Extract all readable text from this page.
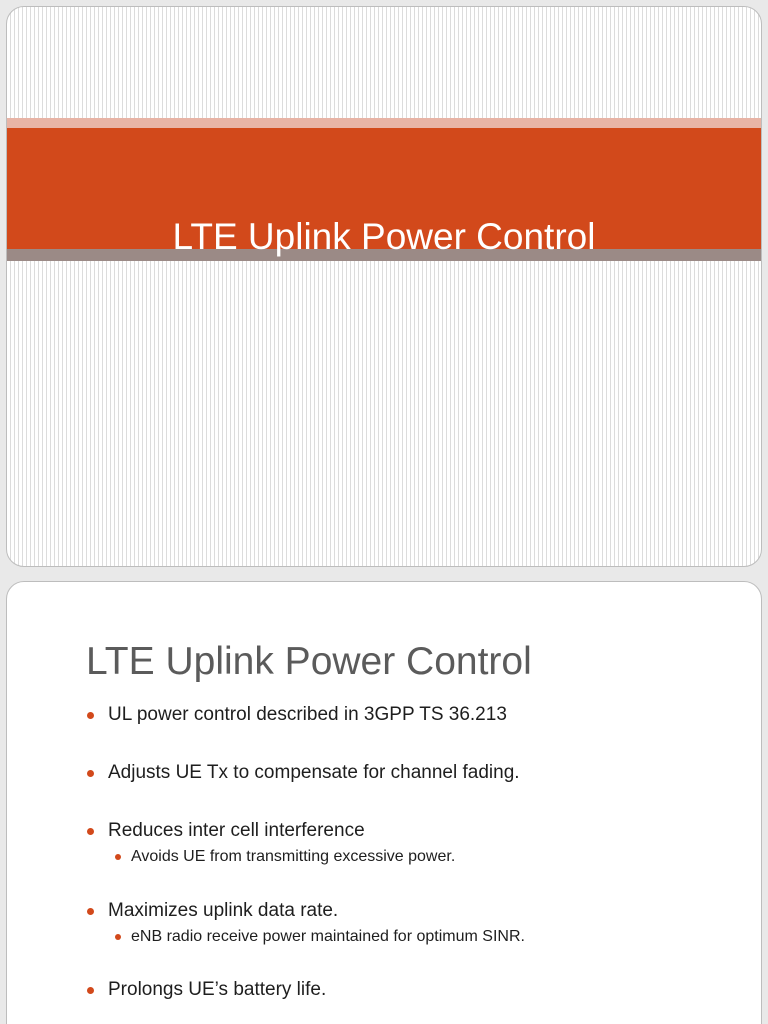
LTE Uplink Power Control
LTE Uplink Power Control
UL power control described in 3GPP TS 36.213
Adjusts UE Tx to compensate for channel fading.
Reduces inter cell interference
Avoids UE from transmitting excessive power.
Maximizes uplink data rate.
eNB radio receive power maintained for optimum SINR.
Prolongs UE’s battery life.
